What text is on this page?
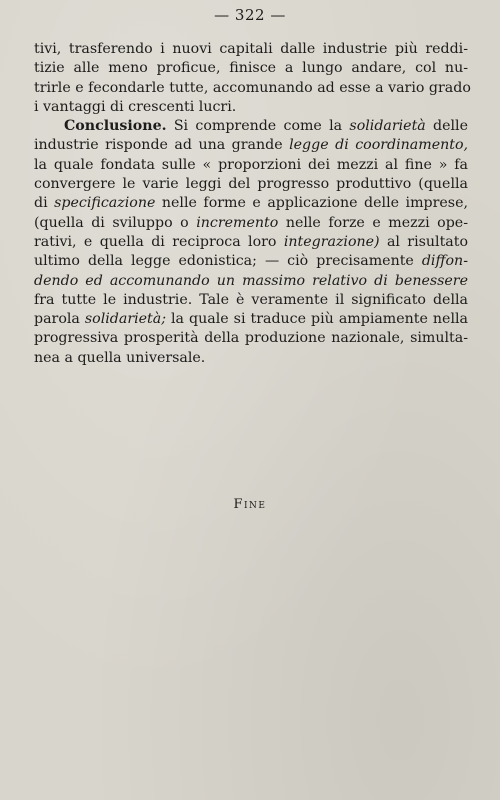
— 322 —
tivi, trasferendo i nuovi capitali dalle industrie più reddi-
tizie alle meno proficue, finisce a lungo andare, col nu-
trirle e fecondarle tutte, accomunando ad esse a vario grado
i vantaggi di crescenti lucri.
Conclusione. Si comprende come la solidarietà delle
industrie risponde ad una grande legge di coordinamento,
la quale fondata sulle « proporzioni dei mezzi al fine » fa
convergere le varie leggi del progresso produttivo (quella
di specificazione nelle forme e applicazione delle imprese,
(quella di sviluppo o incremento nelle forze e mezzi ope-
rativi, e quella di reciproca loro integrazione) al risultato
ultimo della legge edonistica; — ciò precisamente diffon-
dendo ed accomunando un massimo relativo di benessere
fra tutte le industrie. Tale è veramente il significato della
parola solidarietà; la quale si traduce più ampiamente nella
progressiva prosperità della produzione nazionale, simulta-
nea a quella universale.
Fine
